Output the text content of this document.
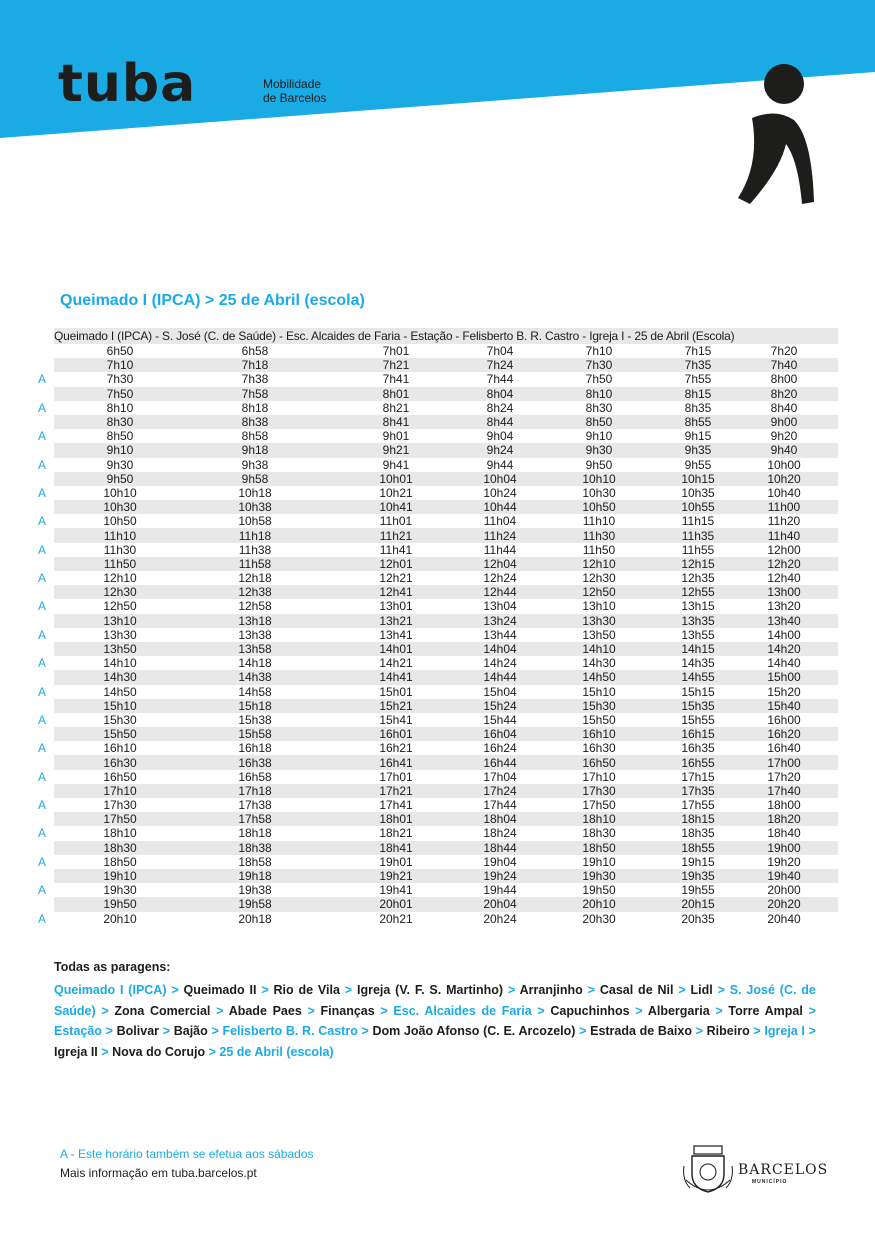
tuba	Mobilidade
de Barcelos
Queimado I (IPCA) > 25 de Abril (escola)
	Queimado I (IPCA) - S. José (C. de Saúde) - Esc. Alcaides de Faria - Estação - Felisberto B. R. Castro - Igreja I - 25 de Abril (Escola)						
	6h50	6h58	7h01	7h04	7h10	7h15	7h20
	7h10	7h18	7h21	7h24	7h30	7h35	7h40
A	7h30	7h38	7h41	7h44	7h50	7h55	8h00
	7h50	7h58	8h01	8h04	8h10	8h15	8h20
A	8h10	8h18	8h21	8h24	8h30	8h35	8h40
	8h30	8h38	8h41	8h44	8h50	8h55	9h00
A	8h50	8h58	9h01	9h04	9h10	9h15	9h20
	9h10	9h18	9h21	9h24	9h30	9h35	9h40
A	9h30	9h38	9h41	9h44	9h50	9h55	10h00
	9h50	9h58	10h01	10h04	10h10	10h15	10h20
A	10h10	10h18	10h21	10h24	10h30	10h35	10h40
	10h30	10h38	10h41	10h44	10h50	10h55	11h00
A	10h50	10h58	11h01	11h04	11h10	11h15	11h20
	11h10	11h18	11h21	11h24	11h30	11h35	11h40
A	11h30	11h38	11h41	11h44	11h50	11h55	12h00
	11h50	11h58	12h01	12h04	12h10	12h15	12h20
A	12h10	12h18	12h21	12h24	12h30	12h35	12h40
	12h30	12h38	12h41	12h44	12h50	12h55	13h00
A	12h50	12h58	13h01	13h04	13h10	13h15	13h20
	13h10	13h18	13h21	13h24	13h30	13h35	13h40
A	13h30	13h38	13h41	13h44	13h50	13h55	14h00
	13h50	13h58	14h01	14h04	14h10	14h15	14h20
A	14h10	14h18	14h21	14h24	14h30	14h35	14h40
	14h30	14h38	14h41	14h44	14h50	14h55	15h00
A	14h50	14h58	15h01	15h04	15h10	15h15	15h20
	15h10	15h18	15h21	15h24	15h30	15h35	15h40
A	15h30	15h38	15h41	15h44	15h50	15h55	16h00
	15h50	15h58	16h01	16h04	16h10	16h15	16h20
A	16h10	16h18	16h21	16h24	16h30	16h35	16h40
	16h30	16h38	16h41	16h44	16h50	16h55	17h00
A	16h50	16h58	17h01	17h04	17h10	17h15	17h20
	17h10	17h18	17h21	17h24	17h30	17h35	17h40
A	17h30	17h38	17h41	17h44	17h50	17h55	18h00
	17h50	17h58	18h01	18h04	18h10	18h15	18h20
A	18h10	18h18	18h21	18h24	18h30	18h35	18h40
	18h30	18h38	18h41	18h44	18h50	18h55	19h00
A	18h50	18h58	19h01	19h04	19h10	19h15	19h20
	19h10	19h18	19h21	19h24	19h30	19h35	19h40
A	19h30	19h38	19h41	19h44	19h50	19h55	20h00
	19h50	19h58	20h01	20h04	20h10	20h15	20h20
A	20h10	20h18	20h21	20h24	20h30	20h35	20h40
Todas as paragens:
Queimado I (IPCA) > Queimado II > Rio de Vila > Igreja (V. F. S. Martinho) > Arranjinho > Casal de Nil > Lidl > S. José (C. de Saúde) > Zona Comercial > Abade Paes > Finanças > Esc. Alcaides de Faria > Capuchinhos > Albergaria > Torre Ampal > Estação > Bolivar > Bajão > Felisberto B. R. Castro > Dom João Afonso (C. E. Arcozelo) > Estrada de Baixo > Ribeiro > Igreja I > Igreja II > Nova do Corujo > 25 de Abril (escola)
A - Este horário também se efetua aos sábados
Mais informação em tuba.barcelos.pt	BARCELOS
MUNICÍPIO
